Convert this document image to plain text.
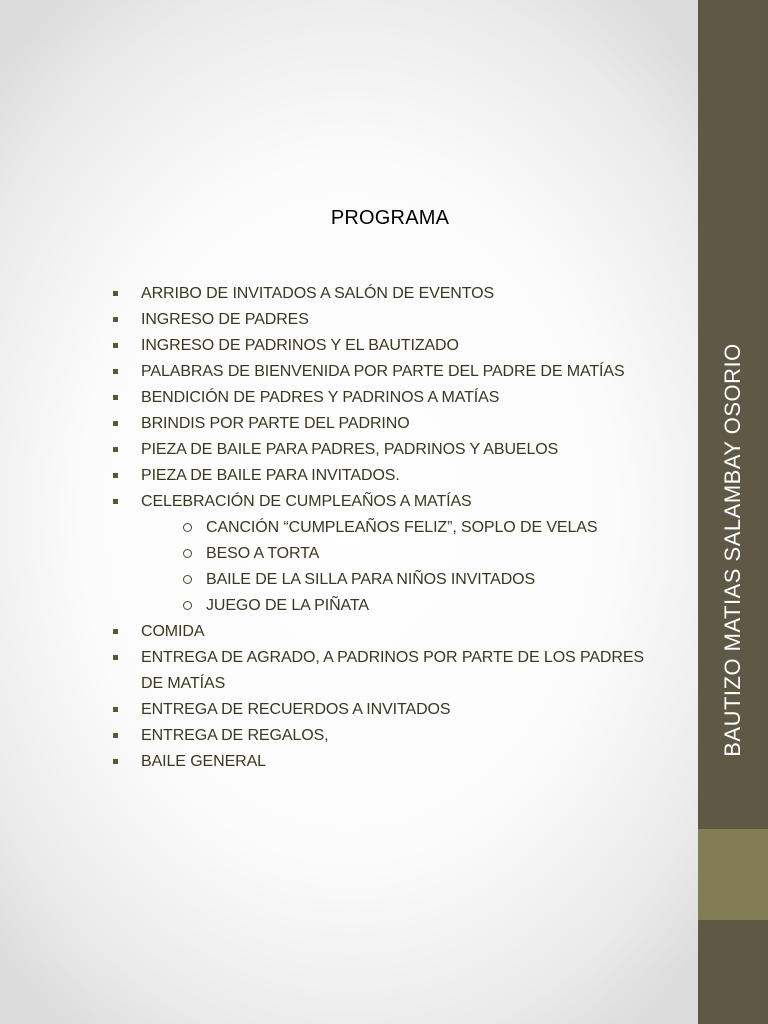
PROGRAMA
ARRIBO DE INVITADOS A SALÓN DE EVENTOS
INGRESO DE PADRES
INGRESO DE PADRINOS Y EL BAUTIZADO
PALABRAS DE BIENVENIDA POR PARTE DEL PADRE DE MATÍAS
BENDICIÓN DE PADRES Y PADRINOS A MATÍAS
BRINDIS POR PARTE DEL PADRINO
PIEZA DE BAILE PARA PADRES, PADRINOS Y ABUELOS
PIEZA DE BAILE PARA INVITADOS.
CELEBRACIÓN DE CUMPLEAÑOS A MATÍAS
CANCIÓN “CUMPLEAÑOS FELIZ”, SOPLO DE VELAS
BESO A TORTA
BAILE DE LA SILLA PARA NIÑOS INVITADOS
JUEGO DE LA PIÑATA
COMIDA
ENTREGA DE AGRADO, A PADRINOS POR PARTE DE LOS PADRES DE MATÍAS
ENTREGA DE RECUERDOS A INVITADOS
ENTREGA DE REGALOS,
BAILE GENERAL
BAUTIZO MATIAS SALAMBAY OSORIO
